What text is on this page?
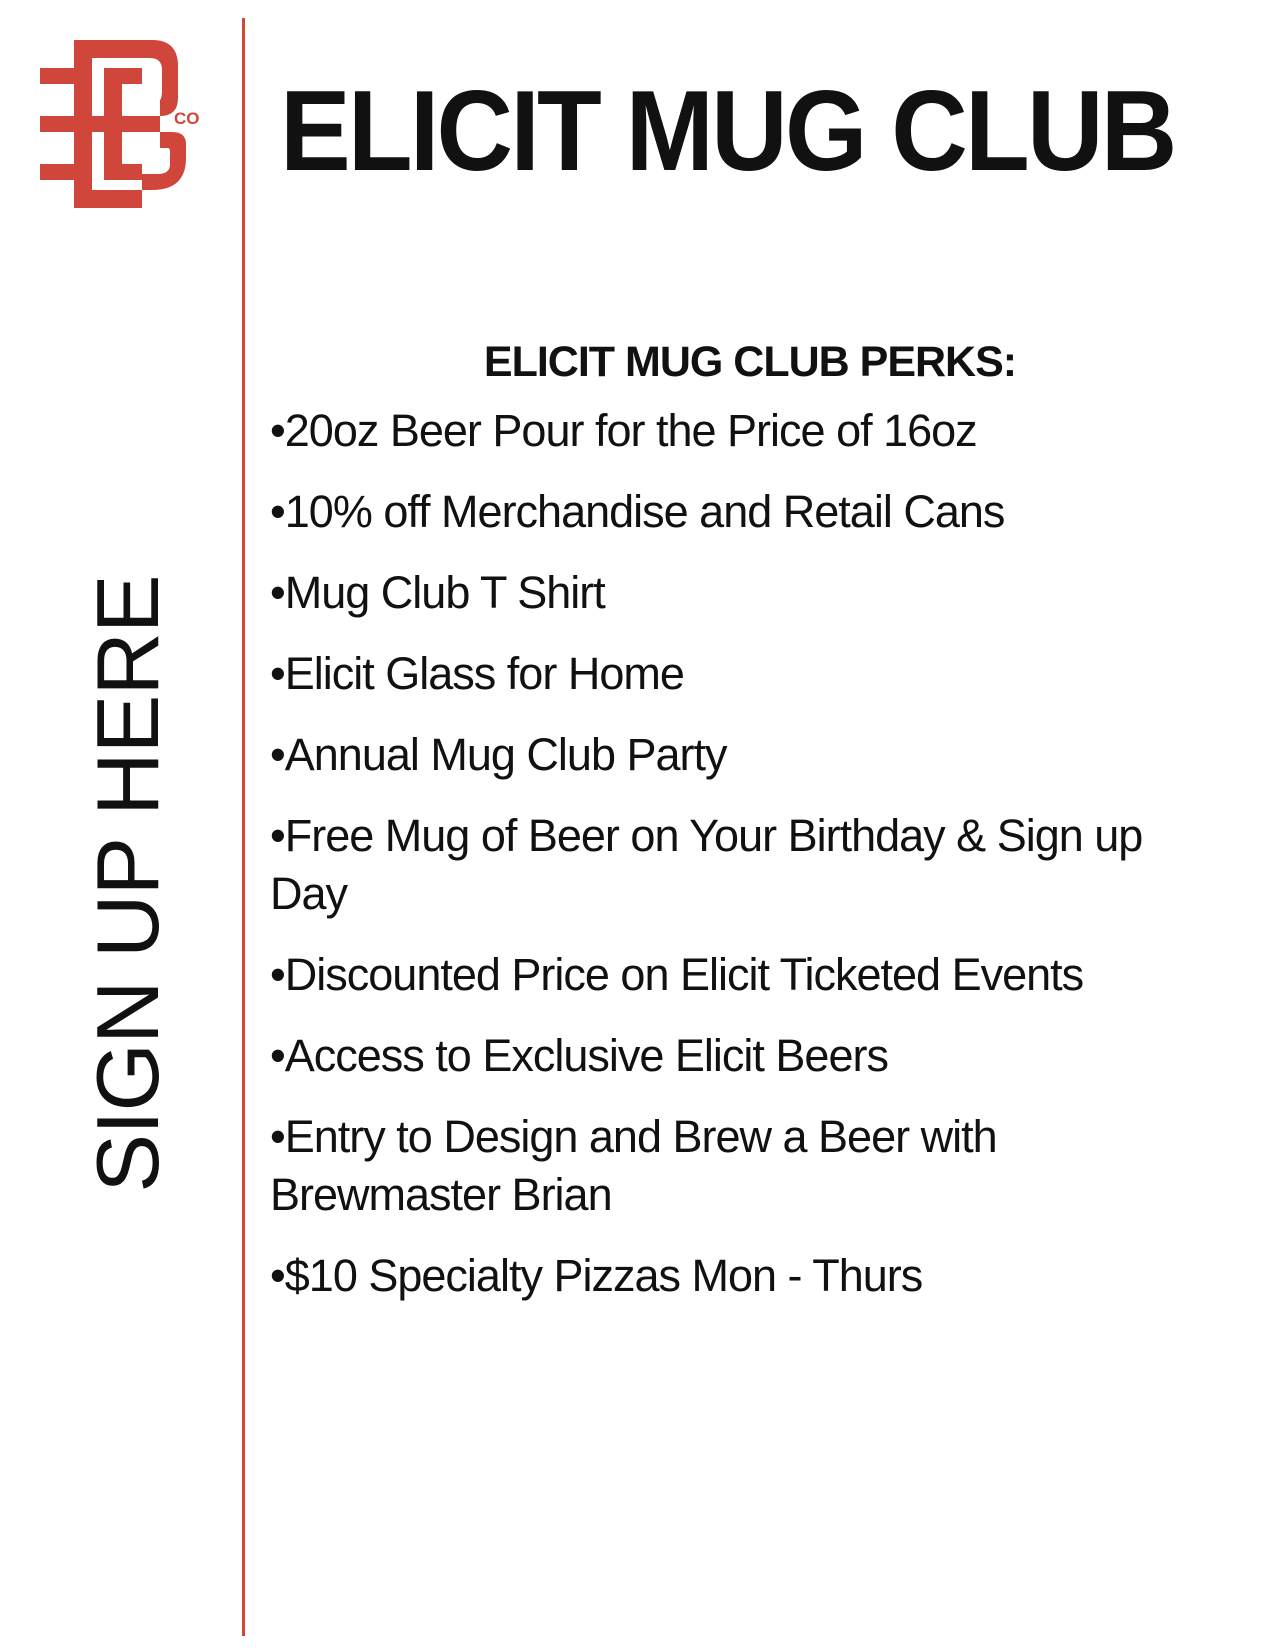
CO ELICIT MUG CLUB
SIGN UP HERE
ELICIT MUG CLUB PERKS:
•20oz Beer Pour for the Price of 16oz
•10% off Merchandise and Retail Cans
•Mug Club T Shirt
•Elicit Glass for Home
•Annual Mug Club Party
•Free Mug of Beer on Your Birthday & Sign up Day
•Discounted Price on Elicit Ticketed Events
•Access to Exclusive Elicit Beers
•Entry to Design and Brew a Beer with Brewmaster Brian
•$10 Specialty Pizzas Mon - Thurs
